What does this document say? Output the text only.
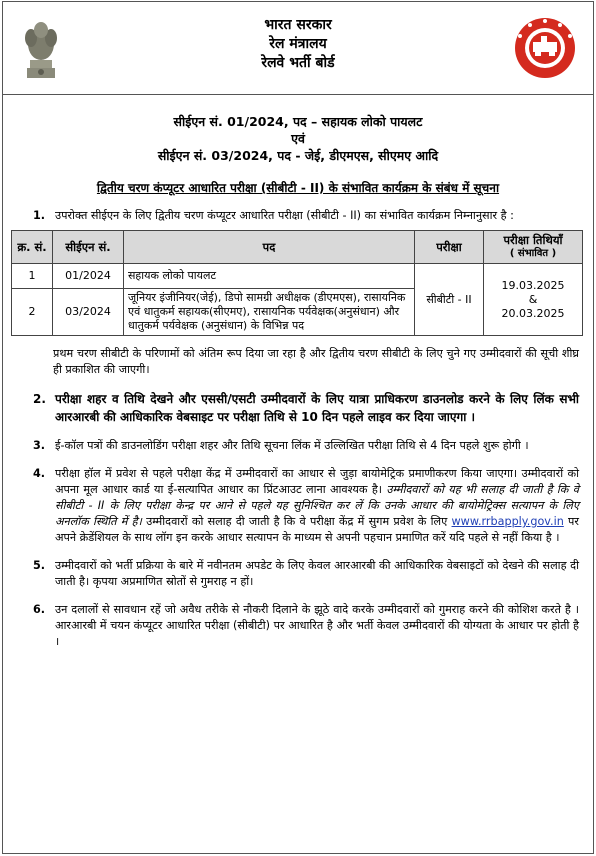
भारत सरकार
रेल मंत्रालय
रेलवे भर्ती बोर्ड
सीईएन सं. 01/2024, पद – सहायक लोको पायलट
एवं
सीईएन सं. 03/2024, पद - जेई, डीएमएस, सीएमए आदि
द्वितीय चरण कंप्यूटर आधारित परीक्षा (सीबीटी - II) के संभावित कार्यक्रम के संबंध में सूचना
1. उपरोक्त सीईएन के लिए द्वितीय चरण कंप्यूटर आधारित परीक्षा (सीबीटी - II) का संभावित कार्यक्रम निम्नानुसार है :
क्र. सं.	सीईएन सं.	पद	परीक्षा	परीक्षा तिथियाँ
( संभावित )

1	01/2024	सहायक लोको पायलट	सीबीटी - II	19.03.2025
&
20.03.2025

2	03/2024	जूनियर इंजीनियर(जेई), डिपो सामग्री अधीक्षक (डीएमएस), रासायनिक एवं धातुकर्म सहायक(सीएमए), रासायनिक पर्यवेक्षक(अनुसंधान) और धातुकर्म पर्यवेक्षक (अनुसंधान) के विभिन्न पद		
प्रथम चरण सीबीटी के परिणामों को अंतिम रूप दिया जा रहा है और द्वितीय चरण सीबीटी के लिए चुने गए उम्मीदवारों की सूची शीघ्र ही प्रकाशित की जाएगी।
2. परीक्षा शहर व तिथि देखने और एससी/एसटी उम्मीदवारों के लिए यात्रा प्राधिकरण डाउनलोड करने के लिए लिंक सभी आरआरबी की आधिकारिक वेबसाइट पर परीक्षा तिथि से 10 दिन पहले लाइव कर दिया जाएगा ।
3. ई-कॉल पत्रों की डाउनलोडिंग परीक्षा शहर और तिथि सूचना लिंक में उल्लिखित परीक्षा तिथि से 4 दिन पहले शुरू होगी ।
4. परीक्षा हॉल में प्रवेश से पहले परीक्षा केंद्र में उम्मीदवारों का आधार से जुड़ा बायोमेट्रिक प्रमाणीकरण किया जाएगा। उम्मीदवारों को अपना मूल आधार कार्ड या ई-सत्यापित आधार का प्रिंटआउट लाना आवश्यक है। उम्मीदवारों को यह भी सलाह दी जाती है कि वे सीबीटी - II के लिए परीक्षा केन्द्र पर आने से पहले यह सुनिश्चित कर लें कि उनके आधार की बायोमेट्रिक्स सत्यापन के लिए अनलॉक स्थिति में है। उम्मीदवारों को सलाह दी जाती है कि वे परीक्षा केंद्र में सुगम प्रवेश के लिए www.rrbapply.gov.in पर अपने क्रेडेंशियल के साथ लॉग इन करके आधार सत्यापन के माध्यम से अपनी पहचान प्रमाणित करें यदि पहले से नहीं किया है ।
5. उम्मीदवारों को भर्ती प्रक्रिया के बारे में नवीनतम अपडेट के लिए केवल आरआरबी की आधिकारिक वेबसाइटों को देखने की सलाह दी जाती है। कृपया अप्रमाणित स्रोतों से गुमराह न हों।
6. उन दलालों से सावधान रहें जो अवैध तरीके से नौकरी दिलाने के झूठे वादे करके उम्मीदवारों को गुमराह करने की कोशिश करते है । आरआरबी में चयन कंप्यूटर आधारित परीक्षा (सीबीटी) पर आधारित है और भर्ती केवल उम्मीदवारों की योग्यता के आधार पर होती है ।
